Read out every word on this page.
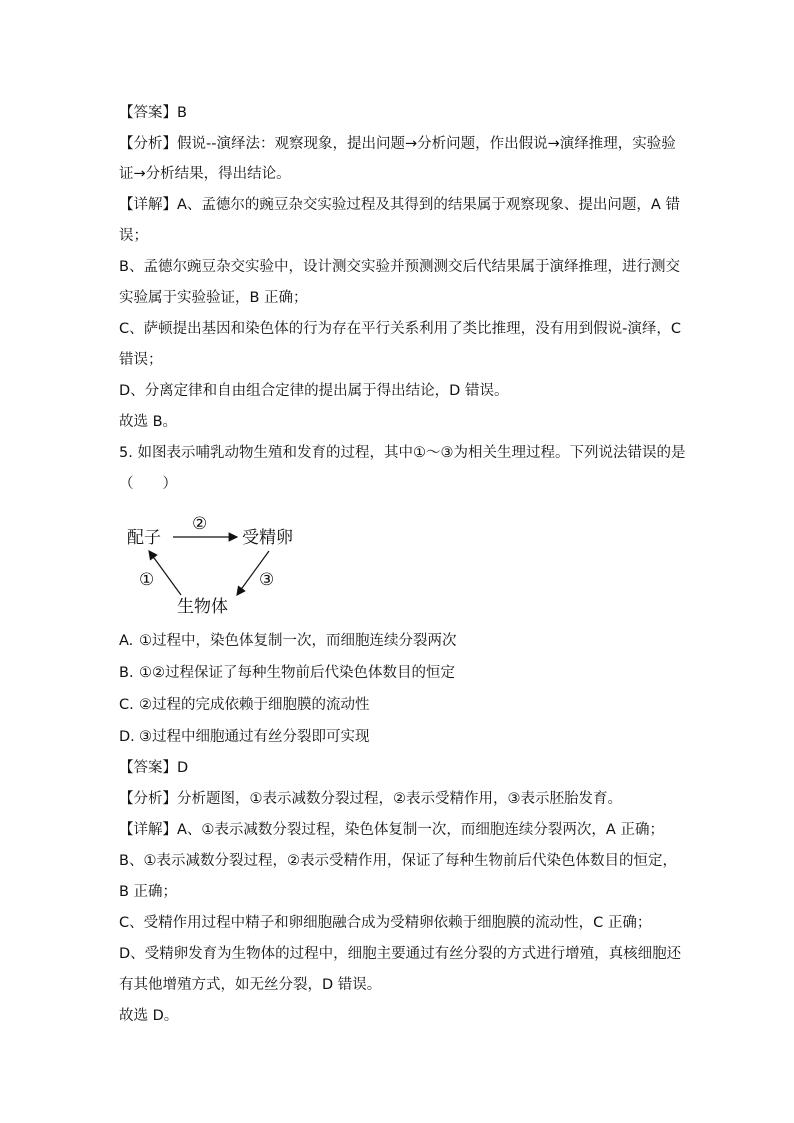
【答案】B
【分析】假说--演绎法：观察现象，提出问题→分析问题，作出假说→演绎推理，实验验
证→分析结果，得出结论。
【详解】A、孟德尔的豌豆杂交实验过程及其得到的结果属于观察现象、提出问题，A 错
误；
B、孟德尔豌豆杂交实验中，设计测交实验并预测测交后代结果属于演绎推理，进行测交
实验属于实验验证，B 正确；
C、萨顿提出基因和染色体的行为存在平行关系利用了类比推理，没有用到假说-演绎，C
错误；
D、分离定律和自由组合定律的提出属于得出结论，D 错误。
故选 B。
5. 如图表示哺乳动物生殖和发育的过程，其中①～③为相关生理过程。下列说法错误的是
（　　）
配子	受精卵
生物体
②
①	③
A. ①过程中，染色体复制一次，而细胞连续分裂两次
B. ①②过程保证了每种生物前后代染色体数目的恒定
C. ②过程的完成依赖于细胞膜的流动性
D. ③过程中细胞通过有丝分裂即可实现
【答案】D
【分析】分析题图，①表示减数分裂过程，②表示受精作用，③表示胚胎发育。
【详解】A、①表示减数分裂过程，染色体复制一次，而细胞连续分裂两次，A 正确；
B、①表示减数分裂过程，②表示受精作用，保证了每种生物前后代染色体数目的恒定，
B 正确；
C、受精作用过程中精子和卵细胞融合成为受精卵依赖于细胞膜的流动性，C 正确；
D、受精卵发育为生物体的过程中，细胞主要通过有丝分裂的方式进行增殖，真核细胞还
有其他增殖方式，如无丝分裂，D 错误。
故选 D。
